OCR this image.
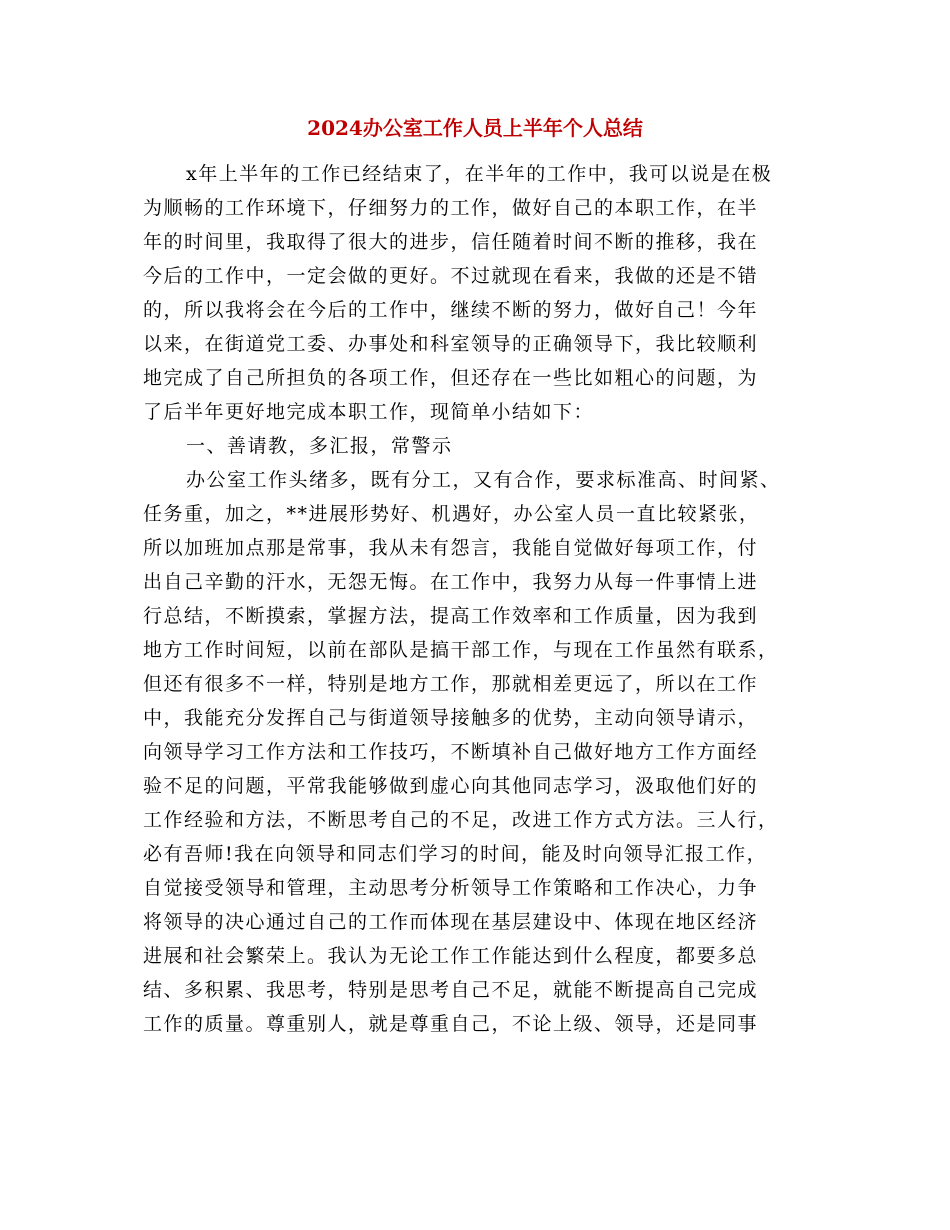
2024办公室工作人员上半年个人总结
x年上半年的工作已经结束了，在半年的工作中，我可以说是在极
为顺畅的工作环境下，仔细努力的工作，做好自己的本职工作，在半
年的时间里，我取得了很大的进步，信任随着时间不断的推移，我在
今后的工作中，一定会做的更好。不过就现在看来，我做的还是不错
的，所以我将会在今后的工作中，继续不断的努力，做好自己！今年
以来，在街道党工委、办事处和科室领导的正确领导下，我比较顺利
地完成了自己所担负的各项工作，但还存在一些比如粗心的问题，为
了后半年更好地完成本职工作，现简单小结如下：
一、善请教，多汇报，常警示
办公室工作头绪多，既有分工，又有合作，要求标准高、时间紧、
任务重，加之，**进展形势好、机遇好，办公室人员一直比较紧张，
所以加班加点那是常事，我从未有怨言，我能自觉做好每项工作，付
出自己辛勤的汗水，无怨无悔。在工作中，我努力从每一件事情上进
行总结，不断摸索，掌握方法，提高工作效率和工作质量，因为我到
地方工作时间短，以前在部队是搞干部工作，与现在工作虽然有联系，
但还有很多不一样，特别是地方工作，那就相差更远了，所以在工作
中，我能充分发挥自己与街道领导接触多的优势，主动向领导请示，
向领导学习工作方法和工作技巧，不断填补自己做好地方工作方面经
验不足的问题，平常我能够做到虚心向其他同志学习，汲取他们好的
工作经验和方法，不断思考自己的不足，改进工作方式方法。三人行，
必有吾师!我在向领导和同志们学习的时间，能及时向领导汇报工作，
自觉接受领导和管理，主动思考分析领导工作策略和工作决心，力争
将领导的决心通过自己的工作而体现在基层建设中、体现在地区经济
进展和社会繁荣上。我认为无论工作工作能达到什么程度，都要多总
结、多积累、我思考，特别是思考自己不足，就能不断提高自己完成
工作的质量。尊重别人，就是尊重自己，不论上级、领导，还是同事
